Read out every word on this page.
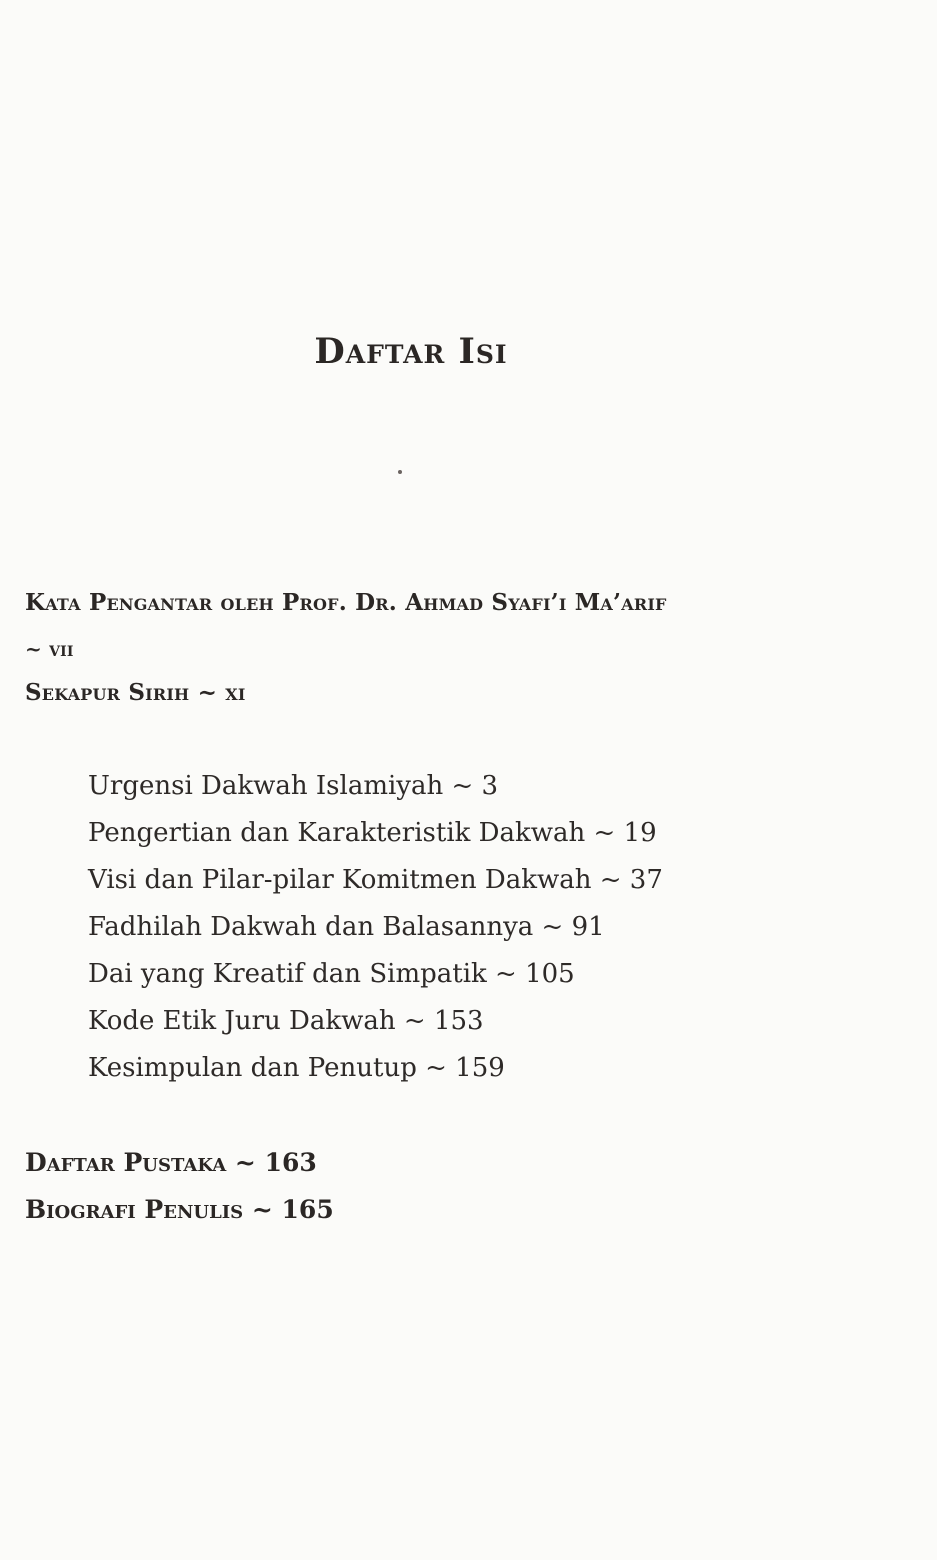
Daftar Isi
Kata Pengantar oleh Prof. Dr. Ahmad Syafi’i Ma’arif
~ vii
Sekapur Sirih ~ xi
Urgensi Dakwah Islamiyah ~ 3
Pengertian dan Karakteristik Dakwah ~ 19
Visi dan Pilar-pilar Komitmen Dakwah ~ 37
Fadhilah Dakwah dan Balasannya ~ 91
Dai yang Kreatif dan Simpatik ~ 105
Kode Etik Juru Dakwah ~ 153
Kesimpulan dan Penutup ~ 159
Daftar Pustaka ~ 163
Biografi Penulis ~ 165
